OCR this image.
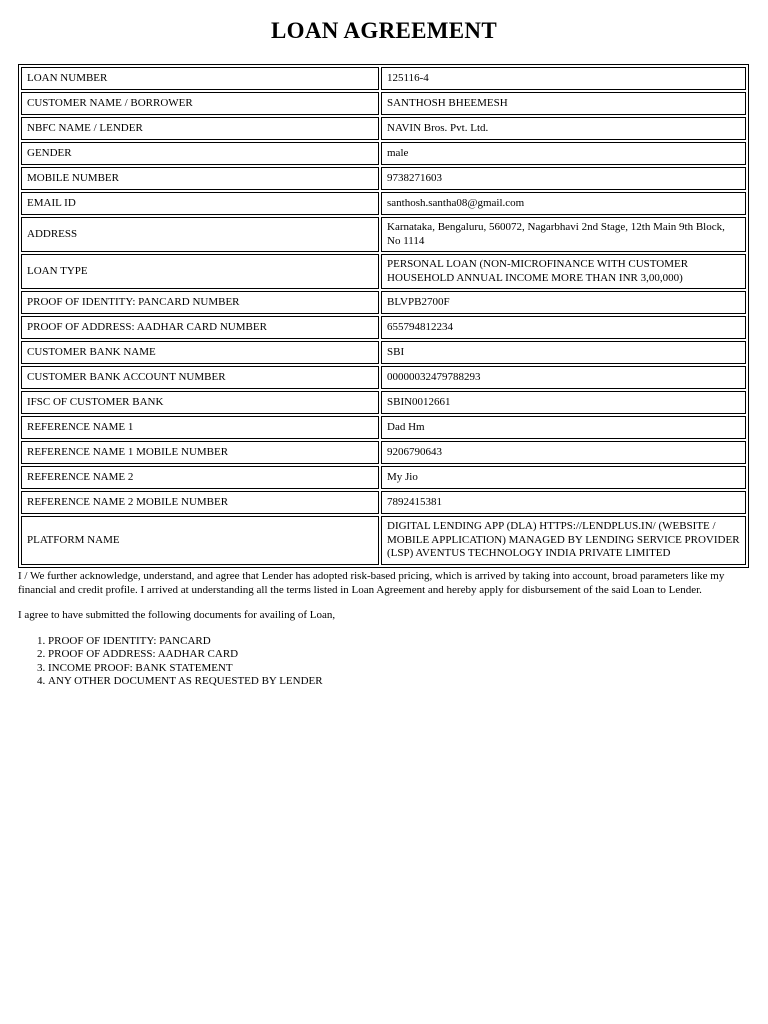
LOAN AGREEMENT
LOAN NUMBER	125116-4
CUSTOMER NAME / BORROWER	SANTHOSH BHEEMESH
NBFC NAME / LENDER	NAVIN Bros. Pvt. Ltd.
GENDER	male
MOBILE NUMBER	9738271603
EMAIL ID	santhosh.santha08@gmail.com
ADDRESS	Karnataka, Bengaluru, 560072, Nagarbhavi 2nd Stage, 12th Main 9th Block, No 1114
LOAN TYPE	PERSONAL LOAN (NON-MICROFINANCE WITH CUSTOMER HOUSEHOLD ANNUAL INCOME MORE THAN INR 3,00,000)
PROOF OF IDENTITY: PANCARD NUMBER	BLVPB2700F
PROOF OF ADDRESS: AADHAR CARD NUMBER	655794812234
CUSTOMER BANK NAME	SBI
CUSTOMER BANK ACCOUNT NUMBER	00000032479788293
IFSC OF CUSTOMER BANK	SBIN0012661
REFERENCE NAME 1	Dad Hm
REFERENCE NAME 1 MOBILE NUMBER	9206790643
REFERENCE NAME 2	My Jio
REFERENCE NAME 2 MOBILE NUMBER	7892415381
PLATFORM NAME	DIGITAL LENDING APP (DLA) HTTPS://LENDPLUS.IN/ (WEBSITE / MOBILE APPLICATION) MANAGED BY LENDING SERVICE PROVIDER (LSP) AVENTUS TECHNOLOGY INDIA PRIVATE LIMITED

I / We further acknowledge, understand, and agree that Lender has adopted risk-based pricing, which is arrived by taking into account, broad parameters like my financial and credit profile. I arrived at understanding all the terms listed in Loan Agreement and hereby apply for disbursement of the said Loan to Lender.

I agree to have submitted the following documents for availing of Loan,

1. PROOF OF IDENTITY: PANCARD
2. PROOF OF ADDRESS: AADHAR CARD
3. INCOME PROOF: BANK STATEMENT
4. ANY OTHER DOCUMENT AS REQUESTED BY LENDER
